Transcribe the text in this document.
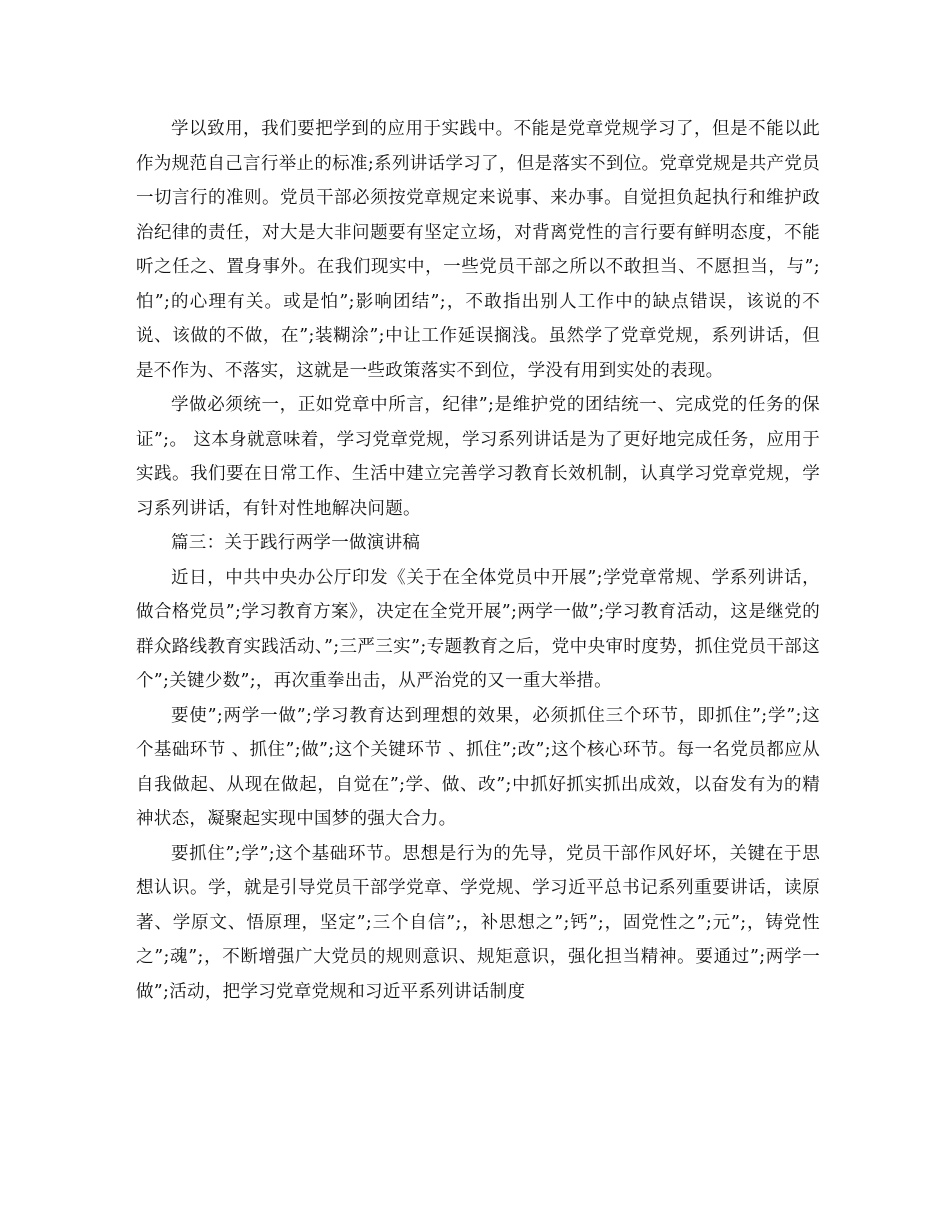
学以致用，我们要把学到的应用于实践中。不能是党章党规学习了，但是不能以此作为规范自己言行举止的标准;系列讲话学习了，但是落实不到位。党章党规是共产党员一切言行的准则。党员干部必须按党章规定来说事、来办事。自觉担负起执行和维护政治纪律的责任，对大是大非问题要有坚定立场，对背离党性的言行要有鲜明态度，不能听之任之、置身事外。在我们现实中，一些党员干部之所以不敢担当、不愿担当，与”;怕”;的心理有关。或是怕”;影响团结”;，不敢指出别人工作中的缺点错误，该说的不说、该做的不做，在”;装糊涂”;中让工作延误搁浅。虽然学了党章党规，系列讲话，但是不作为、不落实，这就是一些政策落实不到位，学没有用到实处的表现。

学做必须统一，正如党章中所言，纪律”;是维护党的团结统一、完成党的任务的保证”;。 这本身就意味着，学习党章党规，学习系列讲话是为了更好地完成任务，应用于实践。我们要在日常工作、生活中建立完善学习教育长效机制，认真学习党章党规，学习系列讲话，有针对性地解决问题。

篇三：关于践行两学一做演讲稿

近日，中共中央办公厅印发《关于在全体党员中开展”;学党章常规、学系列讲话，做合格党员”;学习教育方案》，决定在全党开展”;两学一做”;学习教育活动，这是继党的群众路线教育实践活动、”;三严三实”;专题教育之后，党中央审时度势，抓住党员干部这个”;关键少数”;，再次重拳出击，从严治党的又一重大举措。

要使”;两学一做”;学习教育达到理想的效果，必须抓住三个环节，即抓住”;学”;这个基础环节 、抓住”;做”;这个关键环节 、抓住”;改”;这个核心环节。每一名党员都应从自我做起、从现在做起，自觉在”;学、做、改”;中抓好抓实抓出成效，以奋发有为的精神状态，凝聚起实现中国梦的强大合力。

要抓住”;学”;这个基础环节。思想是行为的先导，党员干部作风好坏，关键在于思想认识。学，就是引导党员干部学党章、学党规、学习近平总书记系列重要讲话，读原著、学原文、悟原理，坚定”;三个自信”;，补思想之”;钙”;，固党性之”;元”;，铸党性之”;魂”;，不断增强广大党员的规则意识、规矩意识，强化担当精神。要通过”;两学一做”;活动，把学习党章党规和习近平系列讲话制度
